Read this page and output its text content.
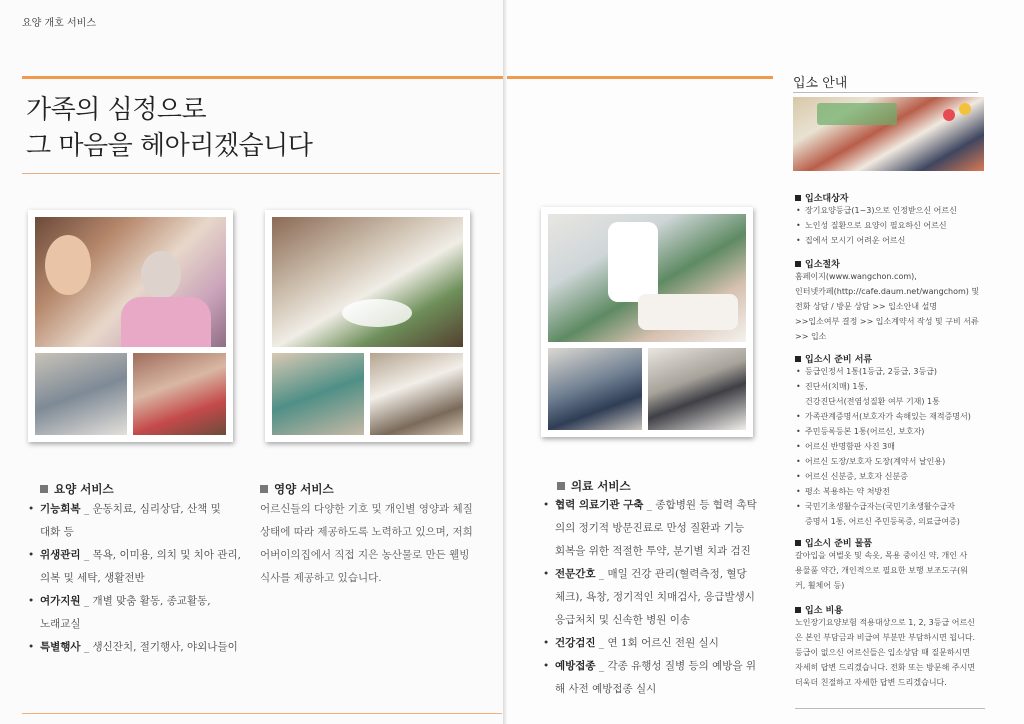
요양 개호 서비스
가족의 심정으로
그 마음을 헤아리겠습니다
요양 서비스
• 기능회복 _ 운동치료, 심리상담, 산책 및
대화 등
• 위생관리 _ 목욕, 이미용, 의치 및 치아 관리,
의복 및 세탁, 생활전반
• 여가지원 _ 개별 맞춤 활동, 종교활동,
노래교실
• 특별행사 _ 생신잔치, 절기행사, 야외나들이
영양 서비스
어르신들의 다양한 기호 및 개인별 영양과 체질
상태에 따라 제공하도록 노력하고 있으며, 저희
어버이의집에서 직접 지은 농산물로 만든 웰빙
식사를 제공하고 있습니다.
의료 서비스
• 협력 의료기관 구축 _ 종합병원 등 협력 촉탁
의의 정기적 방문진료로 만성 질환과 기능
회복을 위한 적절한 투약, 분기별 치과 검진
• 전문간호 _ 매일 건강 관리(혈력측정, 혈당
체크), 욕창, 정기적인 치매검사, 응급발생시
응급처치 및 신속한 병원 이송
• 건강검진 _ 연 1회 어르신 전원 실시
• 예방접종 _ 각종 유행성 질병 등의 예방을 위
해 사전 예방접종 실시
입소 안내
입소대상자
• 장기요양등급(1~3)으로 인정받으신 어르신
• 노인성 질환으로 요양이 필요하신 어르신
• 집에서 모시기 어려운 어르신
입소절차
홈페이지(www.wangchon.com),
인터넷카페(http://cafe.daum.net/wangchom) 및
전화 상담 / 방문 상담 >> 입소안내 설명
>>입소여부 결정 >> 입소계약서 작성 및 구비 서류
>> 입소
입소시 준비 서류
• 등급인정서 1통(1등급, 2등급, 3등급)
• 진단서(치매) 1통,
건강진단서(전염성질환 여부 기재) 1통
• 가족관계증명서(보호자가 속해있는 재적증명서)
• 주민등록등본 1통(어르신, 보호자)
• 어르신 반명함판 사진 3매
• 어르신 도장/보호자 도장(계약서 날인용)
• 어르신 신분증, 보호자 신분증
• 평소 복용하는 약 처방전
• 국민기초생활수급자는(국민기초생활수급자
증명서 1통, 어르신 주민등록증, 의료급여증)
입소시 준비 물품
갈아입을 여벌옷 및 속옷, 목용 중이신 약, 개인 사
용물품 약간, 개인적으로 필요한 보행 보조도구(워
커, 휠체어 등)
입소 비용
노인장기요양보험 적용대상으로 1, 2, 3등급 어르신
은 본인 부담금과 비급여 부분만 부담하시면 됩니다.
등급이 없으신 어르신들은 입소상담 때 질문하시면
자세히 답변 드리겠습니다. 전화 또는 방문해 주시면
더욱더 친절하고 자세한 답변 드리겠습니다.
